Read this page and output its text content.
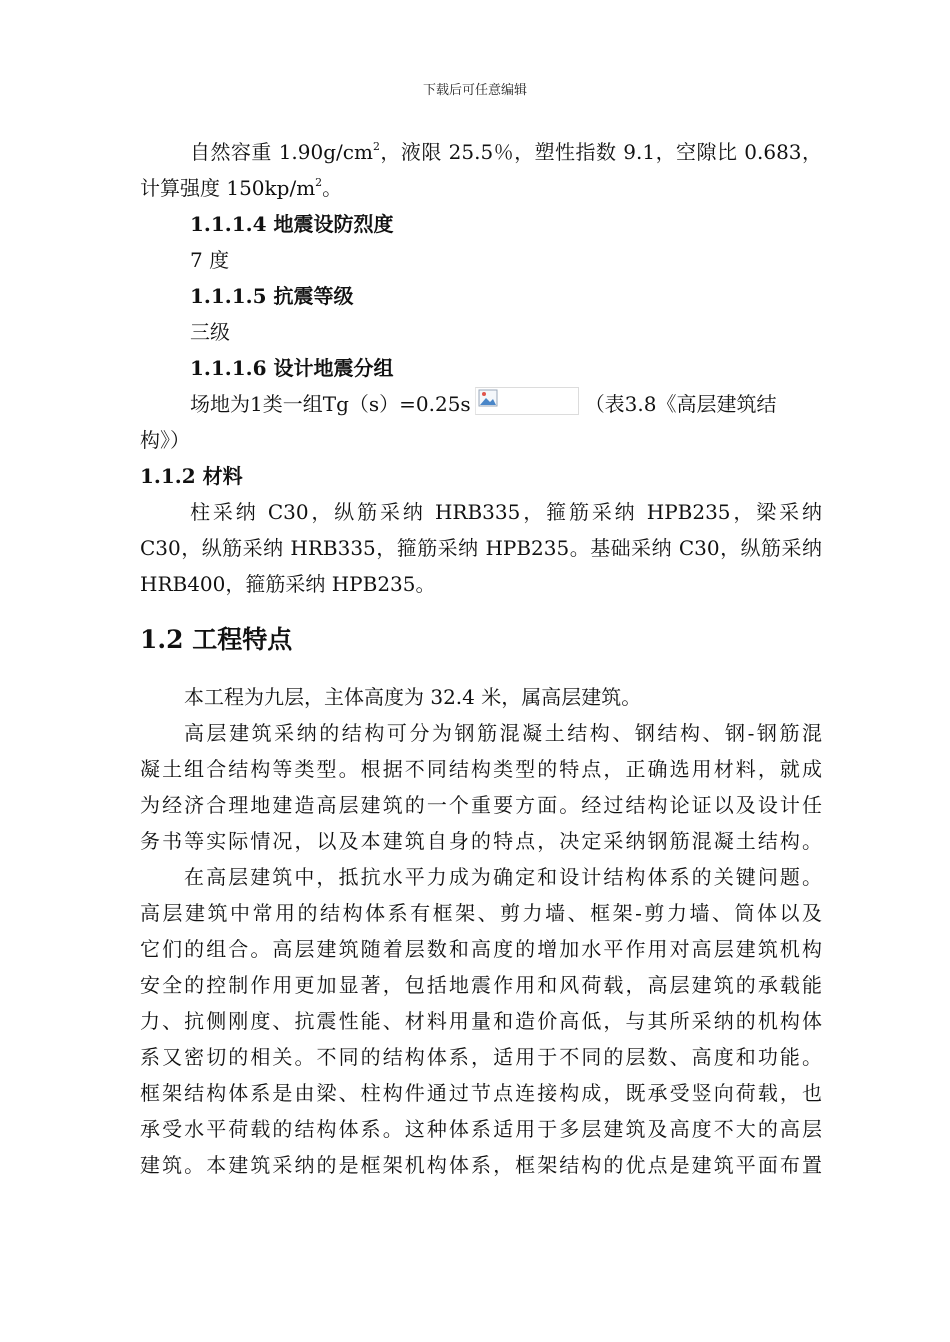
下载后可任意编辑
自然容重 $1.90g/cm^2$，液限 25.5％，塑性指数 9.1，空隙比 0.683，
计算强度 $150kp/m^2$。
1.1.1.4 地震设防烈度
7 度
1.1.1.5 抗震等级
三级
1.1.1.6 设计地震分组
场地为1类一组Tg（s）=0.25s	（表3.8《高层建筑结
构》）
1.1.2 材料
柱采纳 C30，纵筋采纳 HRB335，箍筋采纳 HPB235，梁采纳
C30，纵筋采纳 HRB335，箍筋采纳 HPB235。基础采纳 C30，纵筋采纳
HRB400，箍筋采纳 HPB235。
1.2 工程特点
本工程为九层，主体高度为 32.4 米，属高层建筑。
高层建筑采纳的结构可分为钢筋混凝土结构、钢结构、钢-钢筋混
凝土组合结构等类型。根据不同结构类型的特点，正确选用材料，就成
为经济合理地建造高层建筑的一个重要方面。经过结构论证以及设计任
务书等实际情况，以及本建筑自身的特点，决定采纳钢筋混凝土结构。
在高层建筑中，抵抗水平力成为确定和设计结构体系的关键问题。
高层建筑中常用的结构体系有框架、剪力墙、框架-剪力墙、筒体以及
它们的组合。高层建筑随着层数和高度的增加水平作用对高层建筑机构
安全的控制作用更加显著，包括地震作用和风荷载，高层建筑的承载能
力、抗侧刚度、抗震性能、材料用量和造价高低，与其所采纳的机构体
系又密切的相关。不同的结构体系，适用于不同的层数、高度和功能。
框架结构体系是由梁、柱构件通过节点连接构成，既承受竖向荷载，也
承受水平荷载的结构体系。这种体系适用于多层建筑及高度不大的高层
建筑。本建筑采纳的是框架机构体系，框架结构的优点是建筑平面布置
